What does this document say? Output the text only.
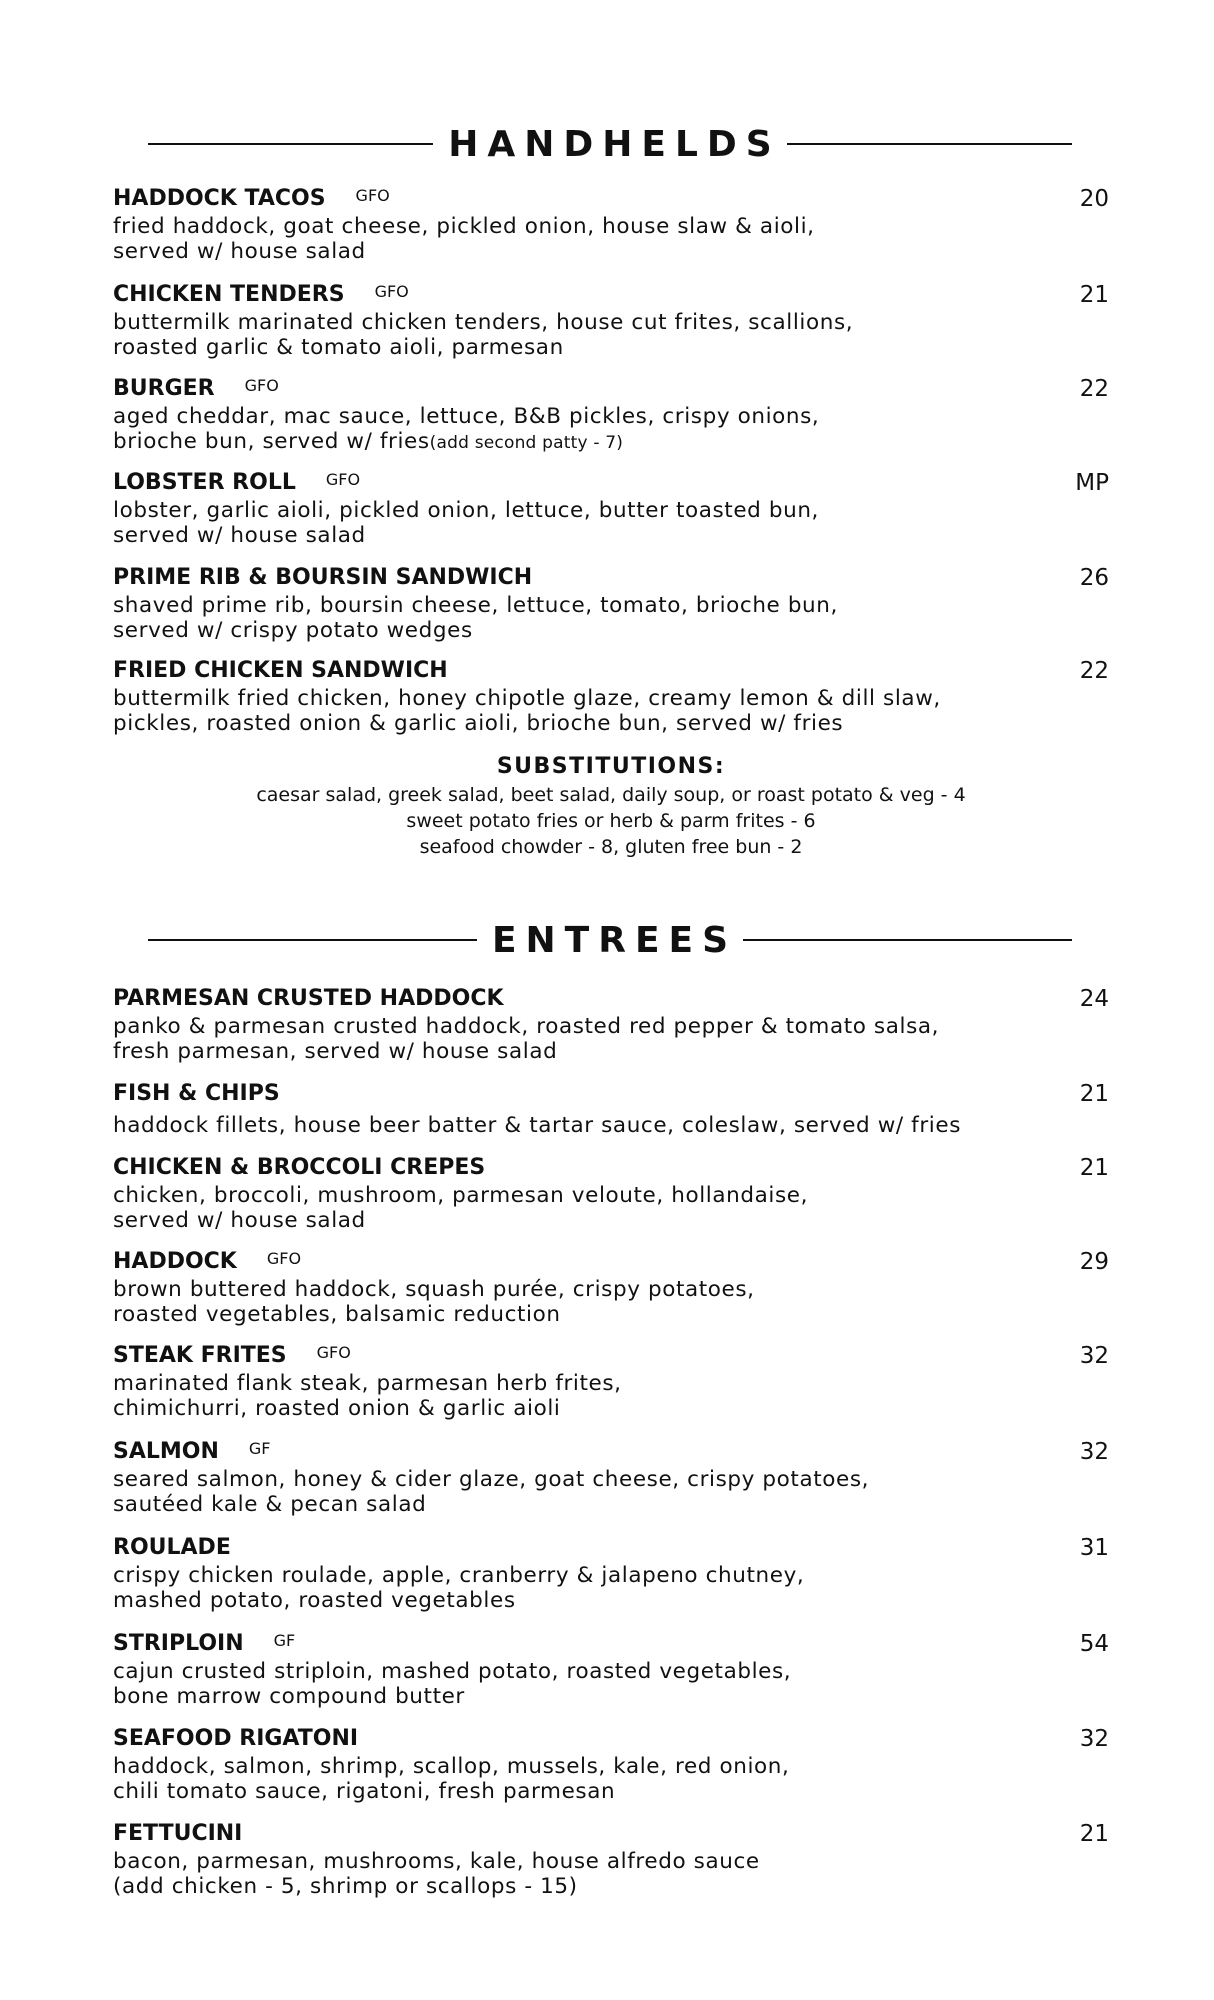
HANDHELDS
HADDOCK TACOS GFO	20
fried haddock, goat cheese, pickled onion, house slaw & aioli,
served w/ house salad
CHICKEN TENDERS GFO	21
buttermilk marinated chicken tenders, house cut frites, scallions,
roasted garlic & tomato aioli, parmesan
BURGER GFO	22
aged cheddar, mac sauce, lettuce, B&B pickles, crispy onions,
brioche bun, served w/ fries(add second patty - 7)
LOBSTER ROLL GFO	MP
lobster, garlic aioli, pickled onion, lettuce, butter toasted bun,
served w/ house salad
PRIME RIB & BOURSIN SANDWICH	26
shaved prime rib, boursin cheese, lettuce, tomato, brioche bun,
served w/ crispy potato wedges
FRIED CHICKEN SANDWICH	22
buttermilk fried chicken, honey chipotle glaze, creamy lemon & dill slaw,
pickles, roasted onion & garlic aioli, brioche bun, served w/ fries
SUBSTITUTIONS:
caesar salad, greek salad, beet salad, daily soup, or roast potato & veg - 4
sweet potato fries or herb & parm frites - 6
seafood chowder - 8, gluten free bun - 2
ENTREES
PARMESAN CRUSTED HADDOCK	24
panko & parmesan crusted haddock, roasted red pepper & tomato salsa,
fresh parmesan, served w/ house salad
FISH & CHIPS	21
haddock fillets, house beer batter & tartar sauce, coleslaw, served w/ fries
CHICKEN & BROCCOLI CREPES	21
chicken, broccoli, mushroom, parmesan veloute, hollandaise,
served w/ house salad
HADDOCK GFO	29
brown buttered haddock, squash purée, crispy potatoes,
roasted vegetables, balsamic reduction
STEAK FRITES GFO	32
marinated flank steak, parmesan herb frites,
chimichurri, roasted onion & garlic aioli
SALMON GF	32
seared salmon, honey & cider glaze, goat cheese, crispy potatoes,
sautéed kale & pecan salad
ROULADE	31
crispy chicken roulade, apple, cranberry & jalapeno chutney,
mashed potato, roasted vegetables
STRIPLOIN GF	54
cajun crusted striploin, mashed potato, roasted vegetables,
bone marrow compound butter
SEAFOOD RIGATONI	32
haddock, salmon, shrimp, scallop, mussels, kale, red onion,
chili tomato sauce, rigatoni, fresh parmesan
FETTUCINI	21
bacon, parmesan, mushrooms, kale, house alfredo sauce
(add chicken - 5, shrimp or scallops - 15)
